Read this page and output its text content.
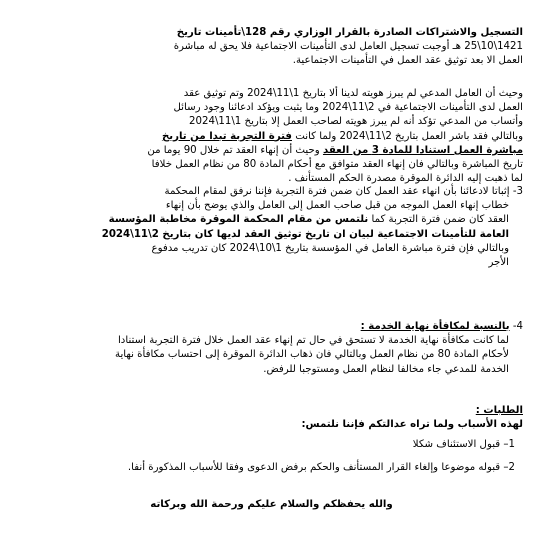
التسجيل والاشتراكات الصادرة بالقرار الوزاري رقم 128\تأمينات تاريخ
1421\10\25 هـ أوجبت تسجيل العامل لدى التأمينات الاجتماعية فلا يحق له مباشرة
العمل الا بعد توثيق عقد العمل في التأمينات الاجتماعية.
وحيث أن العامل المدعي لم يبرز هويته لدينا ألا بتاريخ 1\11\2024 وتم توثيق عقد
العمل لدى التأمينات الاجتماعية في 2\11\2024 وما يثبت ويؤكد ادعائنا وجود رسائل
وأتساب من المدعي تؤكد أنه لم يبرز هويته لصاحب العمل إلا بتاريخ 1\11\2024
وبالتالي فقد باشر العمل بتاريخ 2\11\2024 ولما كانت فترة التجربة تبدا من تاريخ
مباشرة العمل استنادا للمادة 3 من العقد وحيث أن إنهاء العقد تم خلال 90 يوما من
تاريخ المباشرة وبالتالي فان إنهاء العقد متوافق مع أحكام المادة 80 من نظام العمل خلافا
لما ذهبت إليه الدائرة الموقرة مصدرة الحكم المستأنف .
3- إثباتا لادعائنا بأن انهاء عقد العمل كان ضمن فترة التجربة فإننا نرفق لمقام المحكمة
خطاب إنهاء العمل الموجه من قبل صاحب العمل إلى العامل والذي يوضح بأن إنهاء
العقد كان ضمن فترة التجربة كما نلتمس من مقام المحكمة الموقرة مخاطبة المؤسسة
العامة للتأمينات الاجتماعية لبيان ان تاريخ توثيق العقد لديها كان بتاريخ 2\11\2024
وبالتالي فإن فترة مباشرة العامل في المؤسسة بتاريخ 1\10\2024 كان تدريب مدفوع
الأجر
4- بالنسبة لمكافأة نهاية الخدمة :
لما كانت مكافأة نهاية الخدمة لا تستحق في حال تم إنهاء عقد العمل خلال فترة التجربة استنادا
لأحكام المادة 80 من نظام العمل وبالتالي فان ذهاب الدائرة الموقرة إلى احتساب مكافأة نهاية
الخدمة للمدعي جاء مخالفا لنظام العمل ومستوجبا للرفض.
الطلبات :
لهذه الأسباب ولما تراه عدالتكم فإننا نلتمس:
1– قبول الاستئناف شكلا
2– قبوله موضوعا وإلغاء القرار المستأنف والحكم برفض الدعوى وفقا للأسباب المذكورة أنفا.
والله يحفظكم والسلام عليكم ورحمة الله وبركاته
